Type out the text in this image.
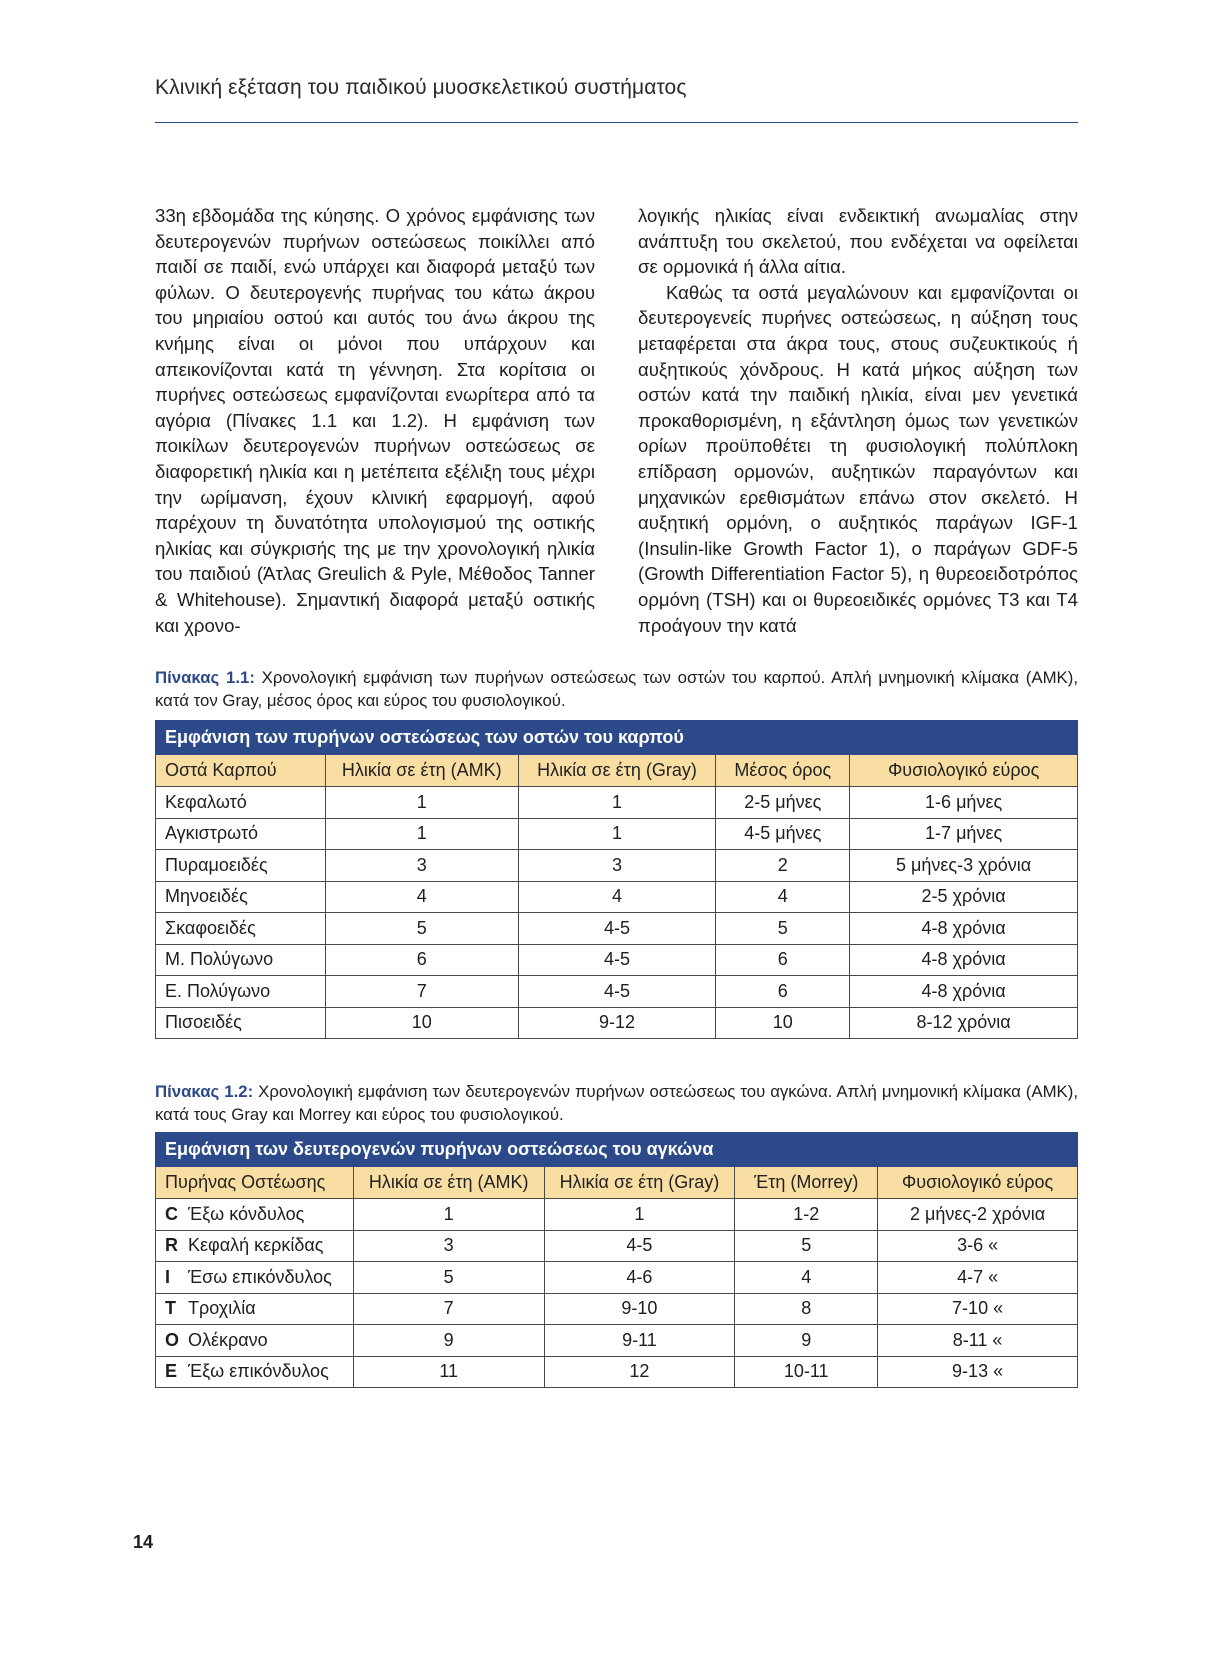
Κλινική εξέταση του παιδικού μυοσκελετικού συστήματος

33η εβδομάδα της κύησης. Ο χρόνος εμφάνισης των δευτερογενών πυρήνων οστεώσεως ποικίλλει από παιδί σε παιδί, ενώ υπάρχει και διαφορά μεταξύ των φύλων. Ο δευτερογενής πυρήνας του κάτω άκρου του μηριαίου οστού και αυτός του άνω άκρου της κνήμης είναι οι μόνοι που υπάρχουν και απεικονίζονται κατά τη γέννηση. Στα κορίτσια οι πυρήνες οστεώσεως εμφανίζονται ενωρίτερα από τα αγόρια (Πίνακες 1.1 και 1.2). Η εμφάνιση των ποικίλων δευτερογενών πυρήνων οστεώσεως σε διαφορετική ηλικία και η μετέπειτα εξέλιξη τους μέχρι την ωρίμανση, έχουν κλινική εφαρμογή, αφού παρέχουν τη δυνατότητα υπολογισμού της οστικής ηλικίας και σύγκρισής της με την χρονολογική ηλικία του παιδιού (Άτλας Greulich & Pyle, Μέθοδος Tanner & Whitehouse). Σημαντική διαφορά μεταξύ οστικής και χρονο-

λογικής ηλικίας είναι ενδεικτική ανωμαλίας στην ανάπτυξη του σκελετού, που ενδέχεται να οφείλεται σε ορμονικά ή άλλα αίτια.

Καθώς τα οστά μεγαλώνουν και εμφανίζονται οι δευτερογενείς πυρήνες οστεώσεως, η αύξηση τους μεταφέρεται στα άκρα τους, στους συζευκτικούς ή αυξητικούς χόνδρους. Η κατά μήκος αύξηση των οστών κατά την παιδική ηλικία, είναι μεν γενετικά προκαθορισμένη, η εξάντληση όμως των γενετικών ορίων προϋποθέτει τη φυσιολογική πολύπλοκη επίδραση ορμονών, αυξητικών παραγόντων και μηχανικών ερεθισμάτων επάνω στον σκελετό. Η αυξητική ορμόνη, ο αυξητικός παράγων IGF-1 (Insulin-like Growth Factor 1), ο παράγων GDF-5 (Growth Differentiation Factor 5), η θυρεοειδοτρόπος ορμόνη (TSH) και οι θυρεοειδικές ορμόνες T3 και T4 προάγουν την κατά

Πίνακας 1.1: Χρονολογική εμφάνιση των πυρήνων οστεώσεως των οστών του καρπού. Απλή μνημονική κλίμακα (ΑΜΚ), κατά τον Gray, μέσος όρος και εύρος του φυσιολογικού.
Εμφάνιση των πυρήνων οστεώσεως των οστών του καρπού				
Οστά Καρπού	Ηλικία σε έτη (ΑΜΚ)	Ηλικία σε έτη (Gray)	Μέσος όρος	Φυσιολογικό εύρος
Κεφαλωτό	1	1	2-5 μήνες	1-6 μήνες
Αγκιστρωτό	1	1	4-5 μήνες	1-7 μήνες
Πυραμοειδές	3	3	2	5 μήνες-3 χρόνια
Μηνοειδές	4	4	4	2-5 χρόνια
Σκαφοειδές	5	4-5	5	4-8 χρόνια
Μ. Πολύγωνο	6	4-5	6	4-8 χρόνια
Ε. Πολύγωνο	7	4-5	6	4-8 χρόνια
Πισοειδές	10	9-12	10	8-12 χρόνια
Πίνακας 1.2: Χρονολογική εμφάνιση των δευτερογενών πυρήνων οστεώσεως του αγκώνα. Απλή μνημονική κλίμακα (ΑΜΚ), κατά τους Gray και Morrey και εύρος του φυσιολογικού.
Εμφάνιση των δευτερογενών πυρήνων οστεώσεως του αγκώνα				
Πυρήνας Οστέωσης	Ηλικία σε έτη (ΑΜΚ)	Ηλικία σε έτη (Gray)	Έτη (Morrey)	Φυσιολογικό εύρος
C Έξω κόνδυλος	1	1	1-2	2 μήνες-2 χρόνια
R Κεφαλή κερκίδας	3	4-5	5	3-6 «
I Έσω επικόνδυλος	5	4-6	4	4-7 «
T Τροχιλία	7	9-10	8	7-10 «
O Ολέκρανο	9	9-11	9	8-11 «
E Έξω επικόνδυλος	11	12	10-11	9-13 «
14
